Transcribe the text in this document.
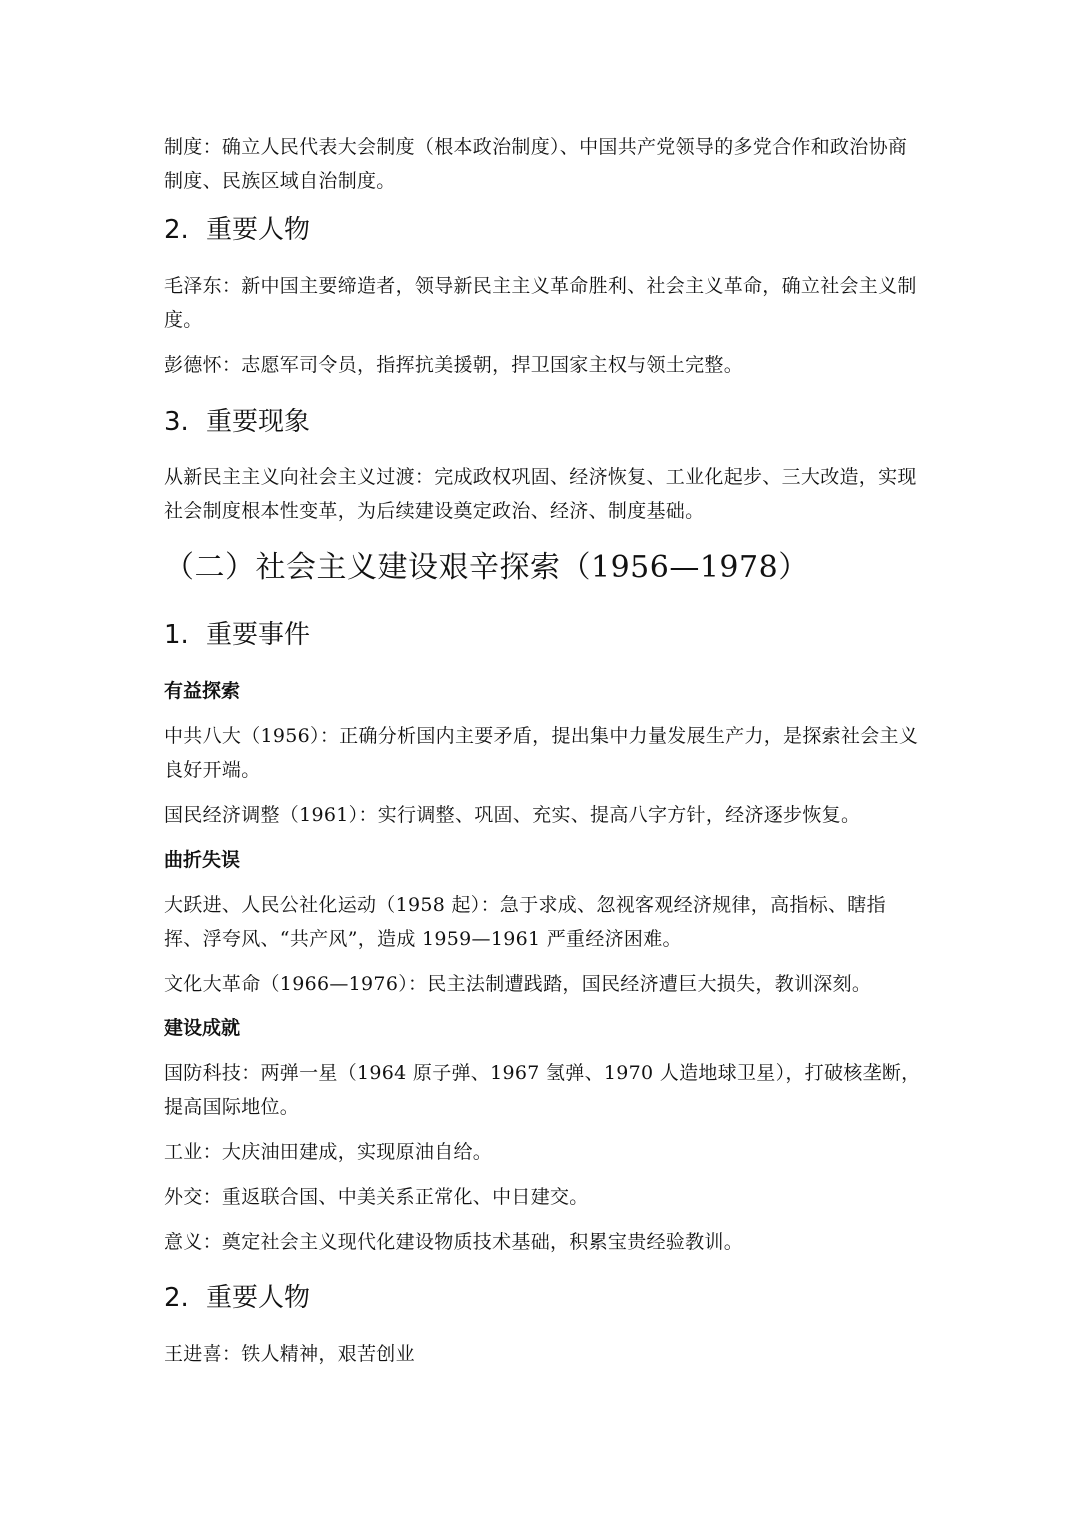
制度：确立人民代表大会制度（根本政治制度）、中国共产党领导的多党合作和政治协商制度、民族区域自治制度。

2. 重要人物

毛泽东：新中国主要缔造者，领导新民主主义革命胜利、社会主义革命，确立社会主义制度。

彭德怀：志愿军司令员，指挥抗美援朝，捍卫国家主权与领土完整。

3. 重要现象

从新民主主义向社会主义过渡：完成政权巩固、经济恢复、工业化起步、三大改造，实现社会制度根本性变革，为后续建设奠定政治、经济、制度基础。

（二）社会主义建设艰辛探索（1956—1978）
1. 重要事件

有益探索

中共八大（1956）：正确分析国内主要矛盾，提出集中力量发展生产力，是探索社会主义良好开端。

国民经济调整（1961）：实行调整、巩固、充实、提高八字方针，经济逐步恢复。

曲折失误

大跃进、人民公社化运动（1958 起）：急于求成、忽视客观经济规律，高指标、瞎指挥、浮夸风、“共产风”，造成 1959—1961 严重经济困难。

文化大革命（1966—1976）：民主法制遭践踏，国民经济遭巨大损失，教训深刻。

建设成就

国防科技：两弹一星（1964 原子弹、1967 氢弹、1970 人造地球卫星），打破核垄断，提高国际地位。

工业：大庆油田建成，实现原油自给。

外交：重返联合国、中美关系正常化、中日建交。

意义：奠定社会主义现代化建设物质技术基础，积累宝贵经验教训。

2. 重要人物

王进喜：铁人精神，艰苦创业
